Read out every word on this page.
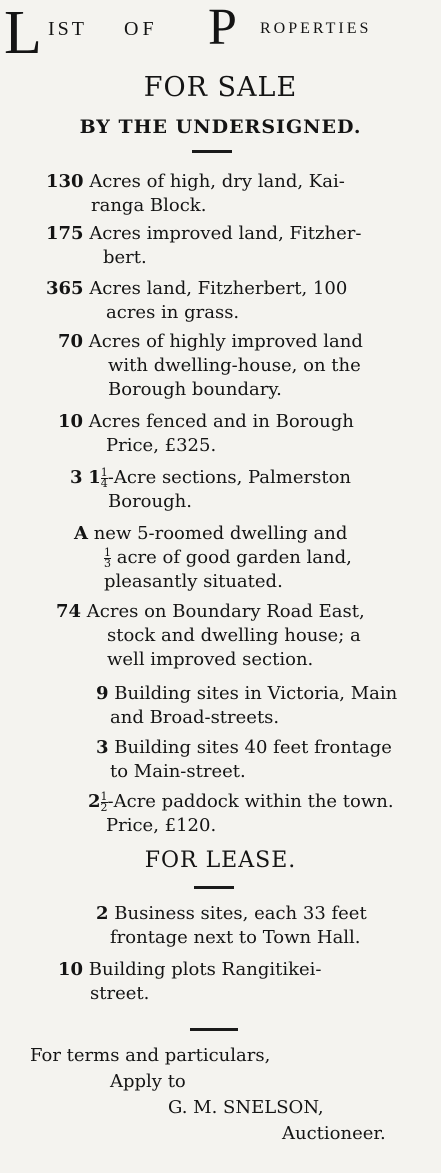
L IST OF P ROPERTIES
FOR SALE
BY THE UNDERSIGNED.
130 Acres of high, dry land, Kai-
ranga Block.
175 Acres improved land, Fitzher-
bert.
365 Acres land, Fitzherbert, 100
acres in grass.
70 Acres of highly improved land
with dwelling-house, on the
Borough boundary.
10 Acres fenced and in Borough
Price, £325.
3 $1 \frac{1}{4}$ -Acre sections, Palmerston
Borough.
A new 5-roomed dwelling and
$\frac{1}{3}$ acre of good garden land,
pleasantly situated.
74 Acres on Boundary Road East,
stock and dwelling house; a
well improved section.
9 Building sites in Victoria, Main
and Broad-streets.
3 Building sites 40 feet frontage
to Main-street.
$2 \frac{1}{2}$ -Acre paddock within the town.
Price, £120.
FOR LEASE.
2 Business sites, each 33 feet
frontage next to Town Hall.
10 Building plots Rangitikei-
street.
For terms and particulars,
Apply to
G. M. SNELSON,
Auctioneer.
